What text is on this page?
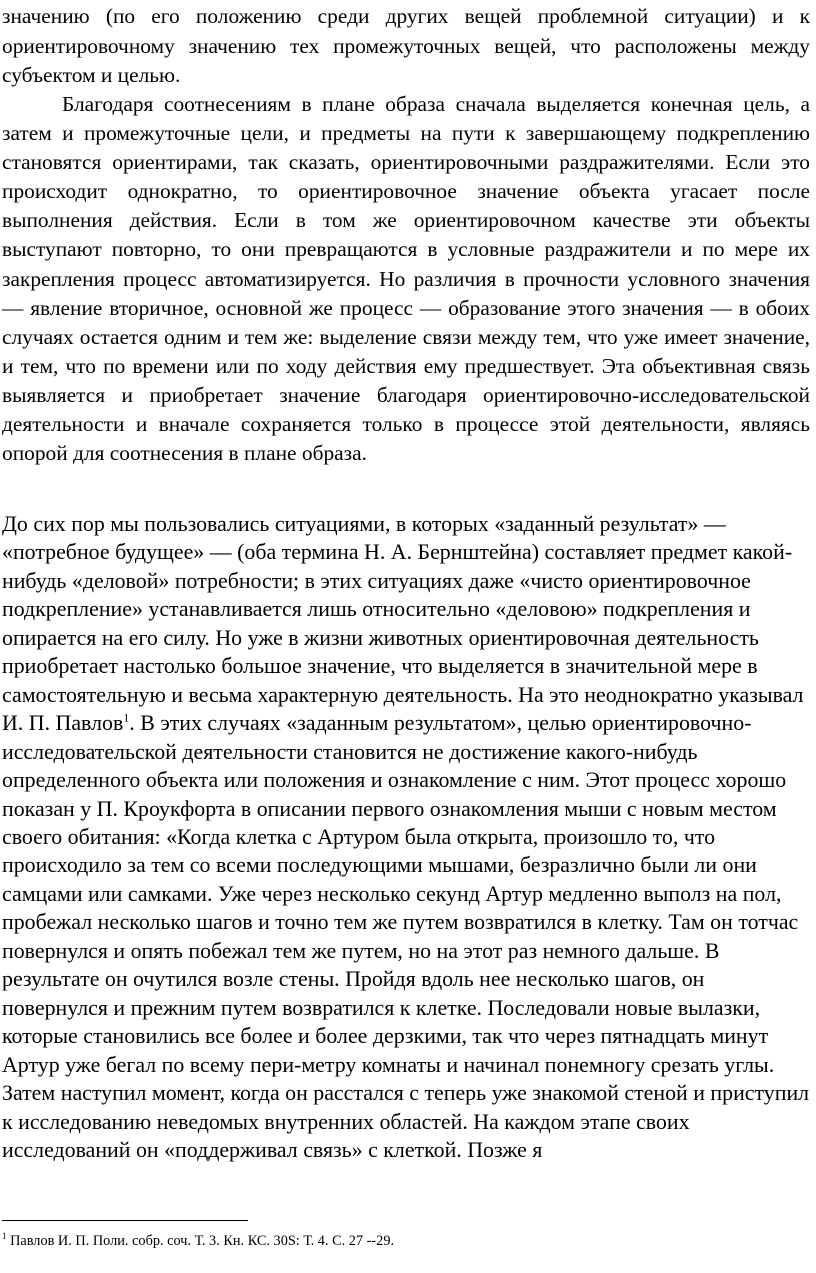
значению (по его положению среди других вещей проблемной ситуации) и к ориентировочному значению тех промежуточных вещей, что расположены между субъектом и целью.

Благодаря соотнесениям в плане образа сначала выделяется конечная цель, а затем и промежуточные цели, и предметы на пути к завершающему подкреплению становятся ориентирами, так сказать, ориентировочными раздражителями. Если это происходит однократно, то ориентировочное значение объекта угасает после выполнения действия. Если в том же ориентировочном качестве эти объекты выступают повторно, то они превращаются в условные раздражители и по мере их закрепления процесс автоматизируется. Но различия в прочности условного значения — явление вторичное, основной же процесс — образование этого значения — в обоих случаях остается одним и тем же: выделение связи между тем, что уже имеет значение, и тем, что по времени или по ходу действия ему предшествует. Эта объективная связь выявляется и приобретает значение благодаря ориентировочно-исследовательской деятельности и вначале сохраняется только в процессе этой деятельности, являясь опорой для соотнесения в плане образа.

До сих пор мы пользовались ситуациями, в которых «заданный результат» — «потребное будущее» — (оба термина Н. А. Бернштейна) составляет предмет какой-нибудь «деловой» потребности; в этих ситуациях даже «чисто ориентировочное подкрепление» устанавливается лишь относительно «деловою» подкрепления и опирается на его силу. Но уже в жизни животных ориентировочная деятельность приобретает настолько большое значение, что выделяется в значительной мере в самостоятельную и весьма характерную деятельность. На это неоднократно указывал И. П. Павлов$^1$. В этих случаях «заданным результатом», целью ориентировочно-исследовательской деятельности становится не достижение какого-нибудь определенного объекта или положения и ознакомление с ним. Этот процесс хорошо показан у П. Кроукфорта в описании первого ознакомления мыши с новым местом своего обитания: «Когда клетка с Артуром была открыта, произошло то, что происходило за тем со всеми последующими мышами, безразлично были ли они самцами или самками. Уже через несколько секунд Артур медленно выполз на пол, пробежал несколько шагов и точно тем же путем возвратился в клетку. Там он тотчас повернулся и опять побежал тем же путем, но на этот раз немного дальше. В результате он очутился возле стены. Пройдя вдоль нее несколько шагов, он повернулся и прежним путем возвратился к клетке. Последовали новые вылазки, которые становились все более и более дерзкими, так что через пятнадцать минут Артур уже бегал по всему пери-метру комнаты и начинал понемногу срезать углы. Затем наступил момент, когда он расстался с теперь уже знакомой стеной и приступил к исследованию неведомых внутренних областей. На каждом этапе своих исследований он «поддерживал связь» с клеткой. Позже я

$^1$ Павлов И. П. Поли. собр. соч. Т. 3. Кн. КС. 30S: Т. 4. С. 27 --29.
